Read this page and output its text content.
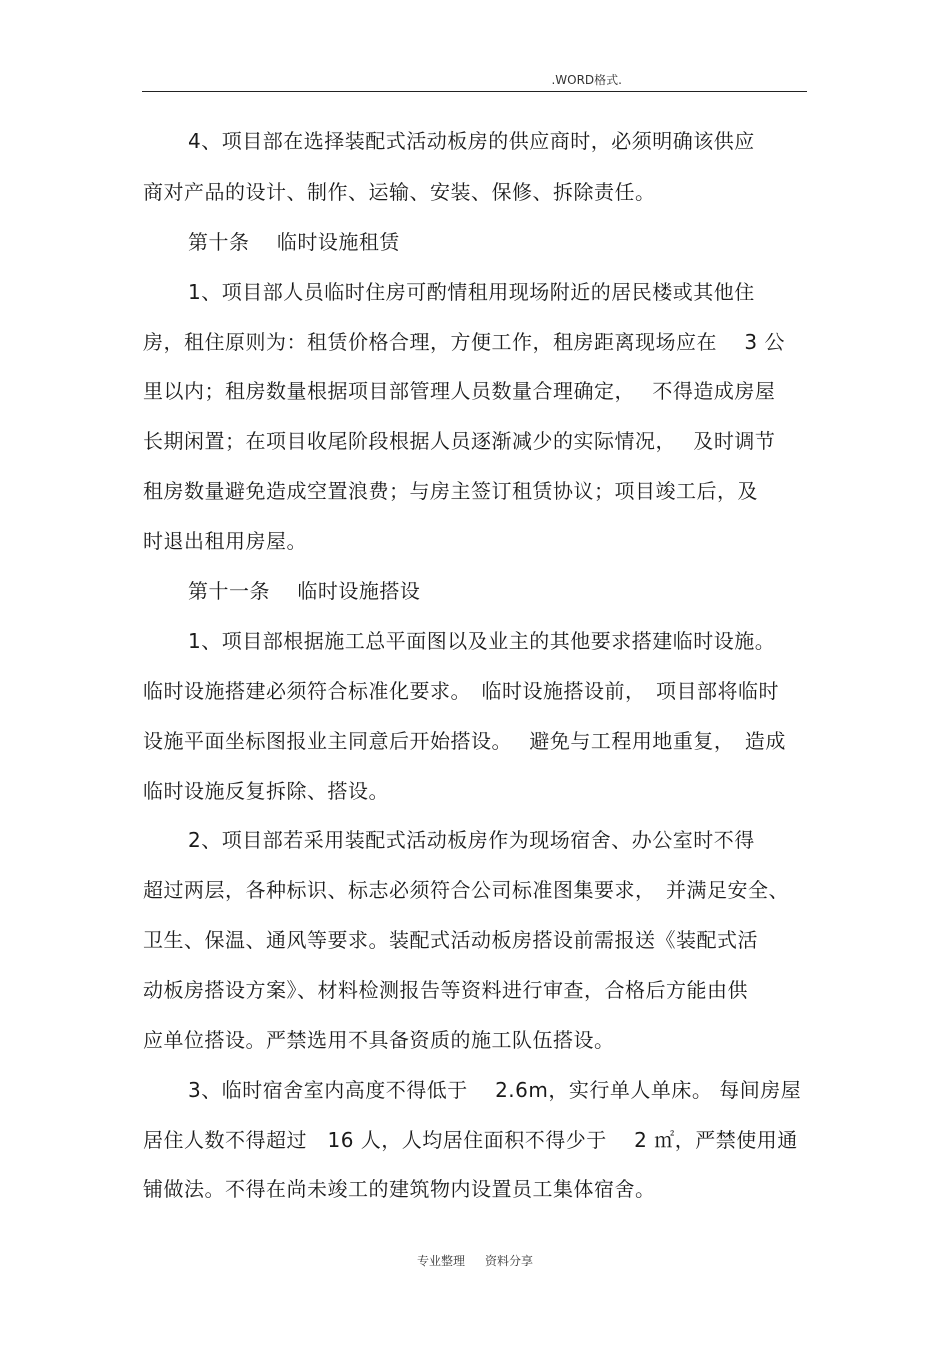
.WORD格式.
4、项目部在选择装配式活动板房的供应商时，必须明确该供应
商对产品的设计、制作、运输、安装、保修、拆除责任。
第十条　 临时设施租赁
1、项目部人员临时住房可酌情租用现场附近的居民楼或其他住
房，租住原则为：租赁价格合理，方便工作，租房距离现场应在　 3 公
里以内；租房数量根据项目部管理人员数量合理确定，　 不得造成房屋
长期闲置；在项目收尾阶段根据人员逐渐减少的实际情况，　 及时调节
租房数量避免造成空置浪费；与房主签订租赁协议；项目竣工后，及
时退出租用房屋。
第十一条　 临时设施搭设
1、项目部根据施工总平面图以及业主的其他要求搭建临时设施。
临时设施搭建必须符合标准化要求。　临时设施搭设前，　项目部将临时
设施平面坐标图报业主同意后开始搭设。　 避免与工程用地重复，　造成
临时设施反复拆除、搭设。
2、项目部若采用装配式活动板房作为现场宿舍、办公室时不得
超过两层，各种标识、标志必须符合公司标准图集要求，　并满足安全、
卫生、保温、通风等要求。装配式活动板房搭设前需报送《装配式活
动板房搭设方案》、材料检测报告等资料进行审查，合格后方能由供
应单位搭设。严禁选用不具备资质的施工队伍搭设。
3、临时宿舍室内高度不得低于　 2.6m，实行单人单床。 每间房屋
居住人数不得超过　16 人，人均居住面积不得少于　 2 ㎡，严禁使用通
铺做法。不得在尚未竣工的建筑物内设置员工集体宿舍。
专业整理 资料分享
